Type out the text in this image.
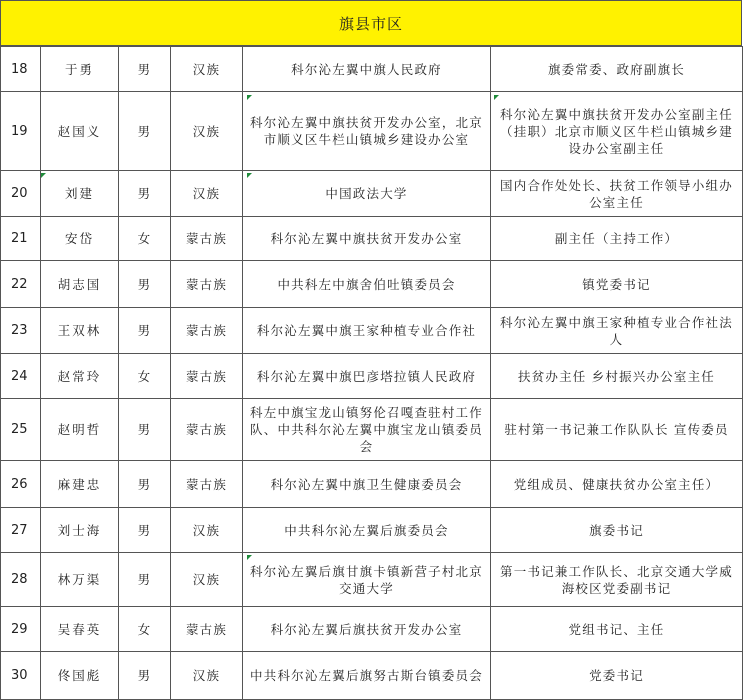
旗县市区
18	于勇	男	汉族	科尔沁左翼中旗人民政府	旗委常委、政府副旗长
19	赵国义	男	汉族	科尔沁左翼中旗扶贫开发办公室，北京市顺义区牛栏山镇城乡建设办公室	科尔沁左翼中旗扶贫开发办公室副主任（挂职）北京市顺义区牛栏山镇城乡建设办公室副主任
20	刘建	男	汉族	中国政法大学	国内合作处处长、扶贫工作领导小组办公室主任
21	安岱	女	蒙古族	科尔沁左翼中旗扶贫开发办公室	副主任（主持工作）
22	胡志国	男	蒙古族	中共科左中旗舍伯吐镇委员会	镇党委书记
23	王双林	男	蒙古族	科尔沁左翼中旗王家种植专业合作社	科尔沁左翼中旗王家种植专业合作社法人
24	赵常玲	女	蒙古族	科尔沁左翼中旗巴彦塔拉镇人民政府	扶贫办主任 乡村振兴办公室主任
25	赵明哲	男	蒙古族	科左中旗宝龙山镇努伦召嘎查驻村工作队、中共科尔沁左翼中旗宝龙山镇委员会	驻村第一书记兼工作队队长 宣传委员
26	麻建忠	男	蒙古族	科尔沁左翼中旗卫生健康委员会	党组成员、健康扶贫办公室主任）
27	刘士海	男	汉族	中共科尔沁左翼后旗委员会	旗委书记
28	林万渠	男	汉族	科尔沁左翼后旗甘旗卡镇新营子村北京交通大学	第一书记兼工作队长、北京交通大学威海校区党委副书记
29	吴春英	女	蒙古族	科尔沁左翼后旗扶贫开发办公室	党组书记、主任
30	佟国彪	男	汉族	中共科尔沁左翼后旗努古斯台镇委员会	党委书记
